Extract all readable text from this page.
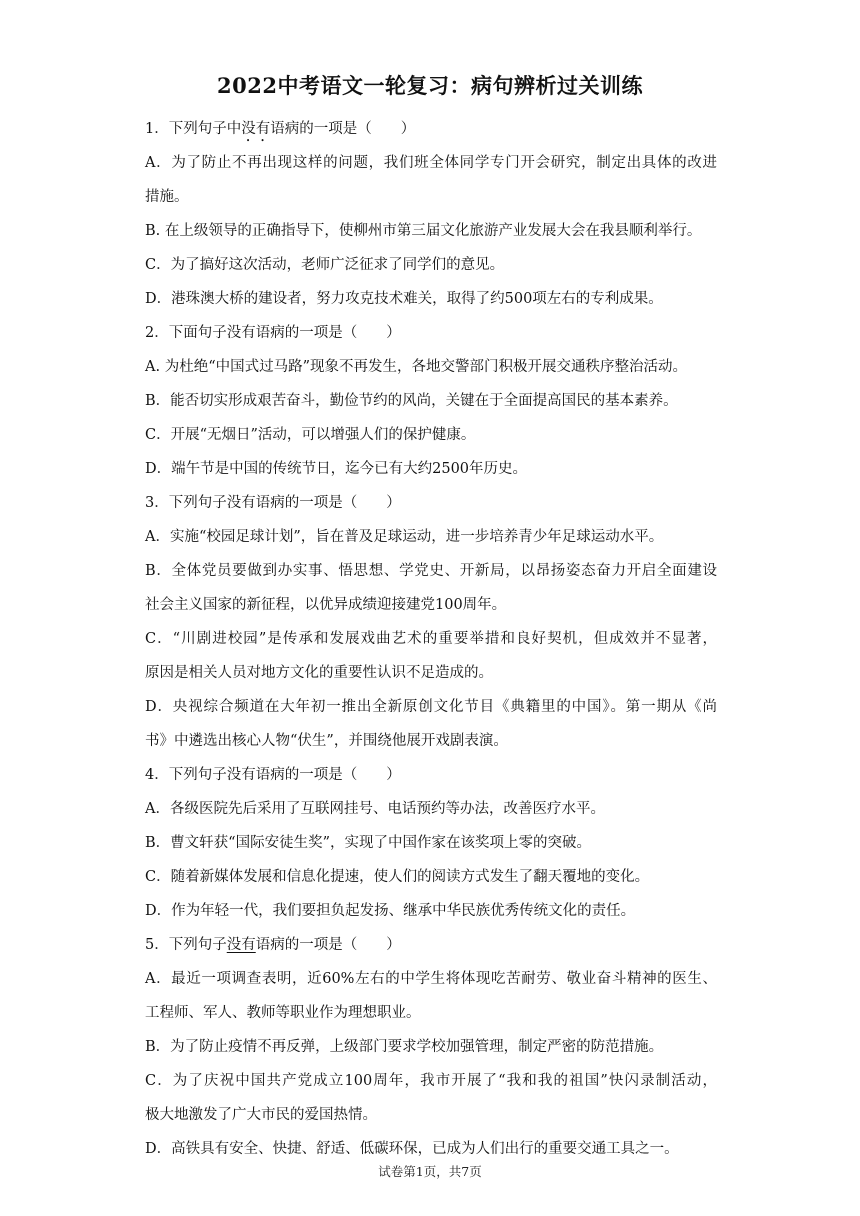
2022中考语文一轮复习：病句辨析过关训练
1．下列句子中没有语病的一项是（　　）
A．为了防止不再出现这样的问题，我们班全体同学专门开会研究，制定出具体的改进
措施。
B. 在上级领导的正确指导下，使柳州市第三届文化旅游产业发展大会在我县顺利举行。
C．为了搞好这次活动，老师广泛征求了同学们的意见。
D．港珠澳大桥的建设者，努力攻克技术难关，取得了约500项左右的专利成果。
2．下面句子没有语病的一项是（　　）
A. 为杜绝“中国式过马路”现象不再发生，各地交警部门积极开展交通秩序整治活动。
B．能否切实形成艰苦奋斗，勤俭节约的风尚，关键在于全面提高国民的基本素养。
C．开展“无烟日”活动，可以增强人们的保护健康。
D．端午节是中国的传统节日，迄今已有大约2500年历史。
3．下列句子没有语病的一项是（　　）
A．实施“校园足球计划”，旨在普及足球运动，进一步培养青少年足球运动水平。
B．全体党员要做到办实事、悟思想、学党史、开新局，以昂扬姿态奋力开启全面建设
社会主义国家的新征程，以优异成绩迎接建党100周年。
C．“川剧进校园”是传承和发展戏曲艺术的重要举措和良好契机，但成效并不显著，
原因是相关人员对地方文化的重要性认识不足造成的。
D．央视综合频道在大年初一推出全新原创文化节目《典籍里的中国》。第一期从《尚
书》中遴选出核心人物“伏生”，并围绕他展开戏剧表演。
4．下列句子没有语病的一项是（　　）
A．各级医院先后采用了互联网挂号、电话预约等办法，改善医疗水平。
B．曹文轩获“国际安徒生奖”，实现了中国作家在该奖项上零的突破。
C．随着新媒体发展和信息化提速，使人们的阅读方式发生了翻天覆地的变化。
D．作为年轻一代，我们要担负起发扬、继承中华民族优秀传统文化的责任。
5．下列句子没有语病的一项是（　　）
A．最近一项调查表明，近60%左右的中学生将体现吃苦耐劳、敬业奋斗精神的医生、
工程师、军人、教师等职业作为理想职业。
B．为了防止疫情不再反弹，上级部门要求学校加强管理，制定严密的防范措施。
C．为了庆祝中国共产党成立100周年，我市开展了“我和我的祖国”快闪录制活动，
极大地激发了广大市民的爱国热情。
D．高铁具有安全、快捷、舒适、低碳环保，已成为人们出行的重要交通工具之一。
试卷第1页，共7页
